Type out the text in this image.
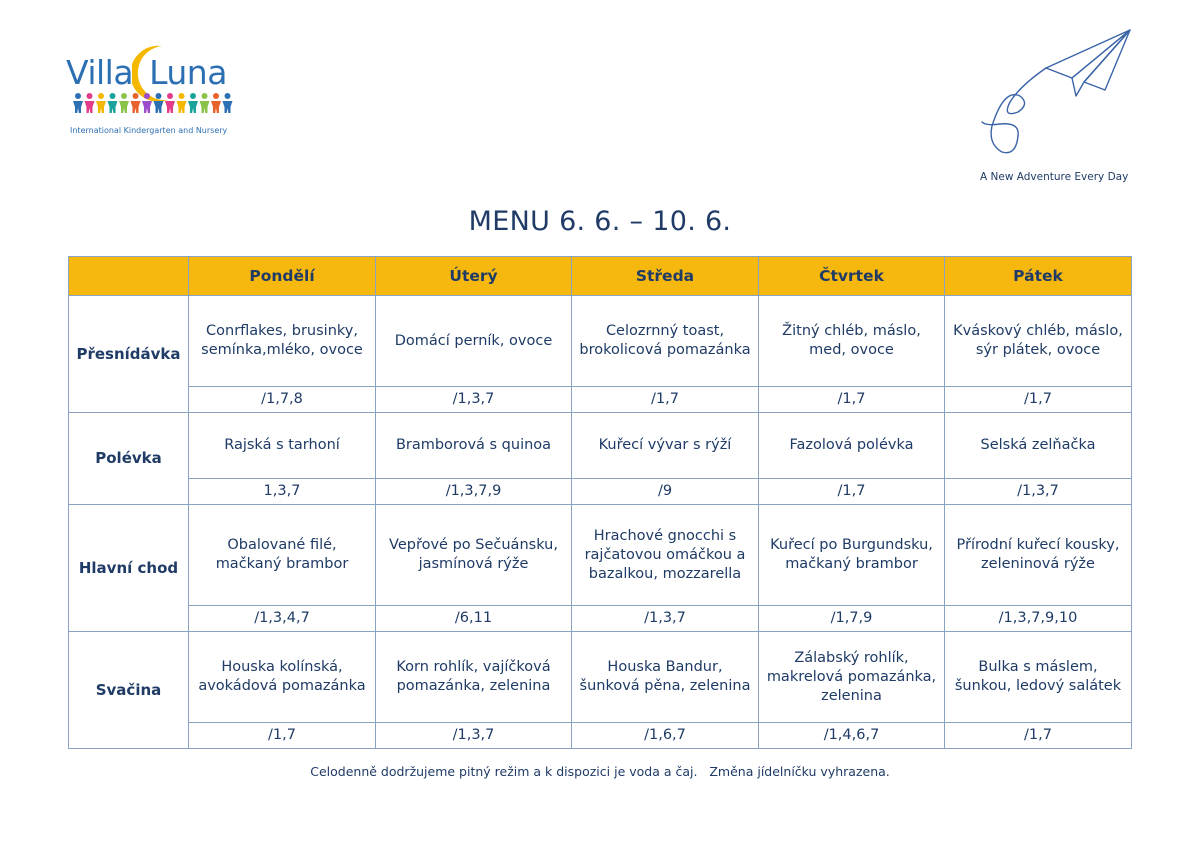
Villa Luna
International Kindergarten and Nursery
A New Adventure Every Day
MENU 6. 6. – 10. 6.
	Pondělí	Úterý	Středa	Čtvrtek	Pátek
Přesnídávka	Conrflakes, brusinky, semínka,mléko, ovoce	Domácí perník, ovoce	Celozrnný toast, brokolicová pomazánka	Žitný chléb, máslo, med, ovoce	Kváskový chléb, máslo, sýr plátek, ovoce
	/1,7,8	/1,3,7	/1,7	/1,7	/1,7
Polévka	Rajská s tarhoní	Bramborová s quinoa	Kuřecí vývar s rýží	Fazolová polévka	Selská zelňačka
	1,3,7	/1,3,7,9	/9	/1,7	/1,3,7
Hlavní chod	Obalované filé, mačkaný brambor	Vepřové po Sečuánsku, jasmínová rýže	Hrachové gnocchi s rajčatovou omáčkou a bazalkou, mozzarella	Kuřecí po Burgundsku, mačkaný brambor	Přírodní kuřecí kousky, zeleninová rýže
	/1,3,4,7	/6,11	/1,3,7	/1,7,9	/1,3,7,9,10
Svačina	Houska kolínská, avokádová pomazánka	Korn rohlík, vajíčková pomazánka, zelenina	Houska Bandur, šunková pěna, zelenina	Zálabský rohlík, makrelová pomazánka, zelenina	Bulka s máslem, šunkou, ledový salátek
	/1,7	/1,3,7	/1,6,7	/1,4,6,7	/1,7
Celodenně dodržujeme pitný režim a k dispozici je voda a čaj.   Změna jídelníčku vyhrazena.
